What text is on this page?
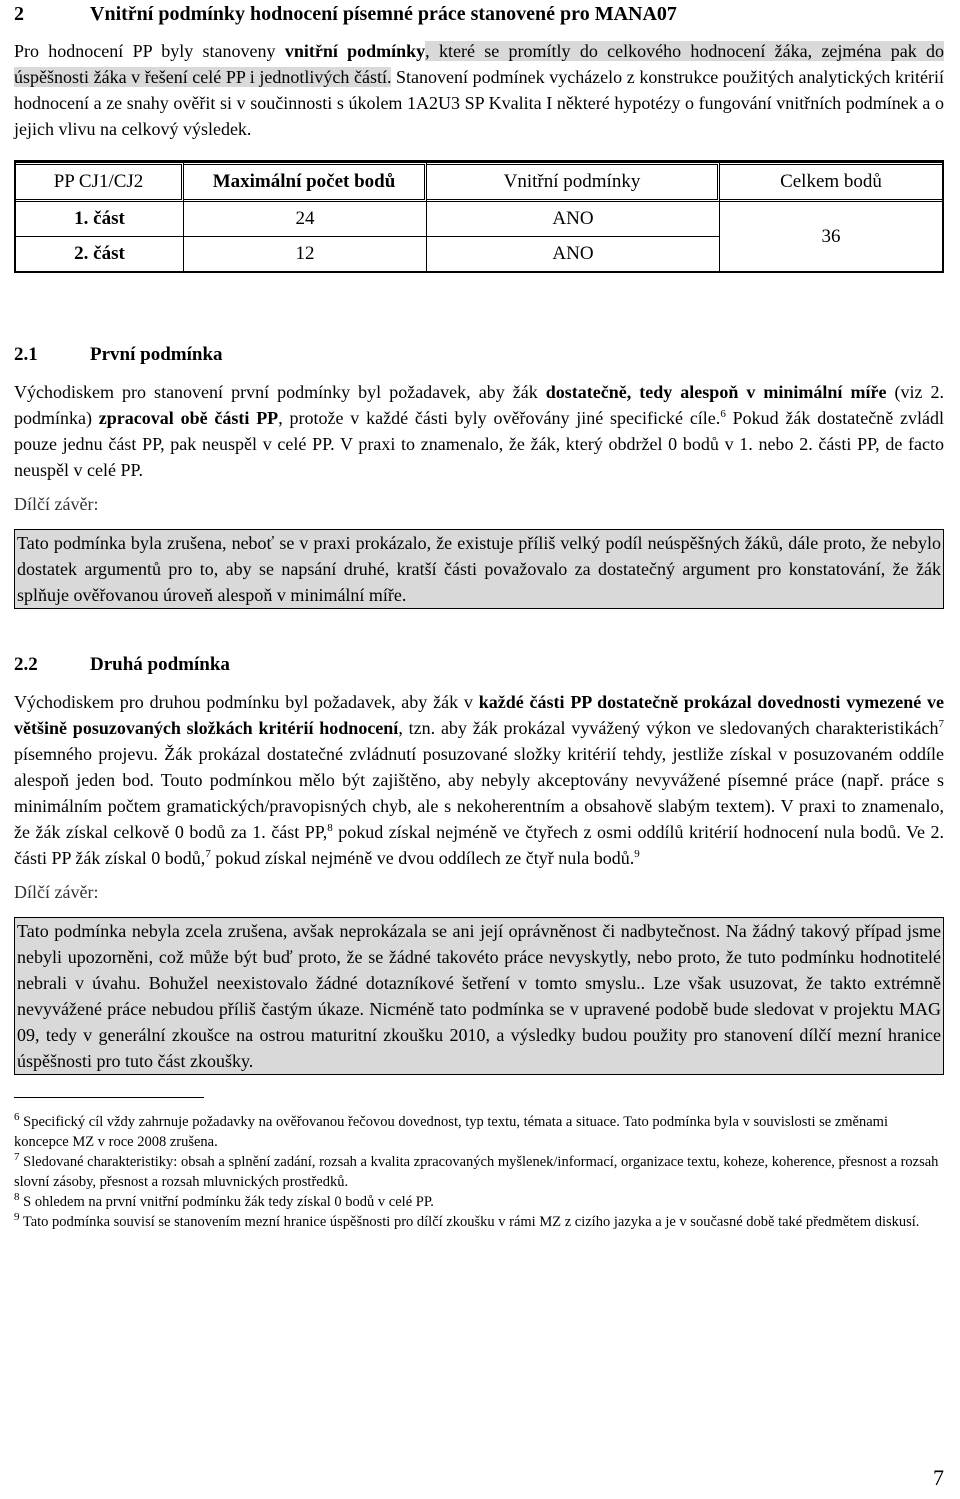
2	Vnitřní podmínky hodnocení písemné práce stanovené pro MANA07

Pro hodnocení PP byly stanoveny vnitřní podmínky, které se promítly do celkového hodnocení žáka, zejména pak do úspěšnosti žáka v řešení celé PP i jednotlivých částí. Stanovení podmínek vycházelo z konstrukce použitých analytických kritérií hodnocení a ze snahy ověřit si v součinnosti s úkolem 1A2U3 SP Kvalita I některé hypotézy o fungování vnitřních podmínek a o jejich vlivu na celkový výsledek.

PP CJ1/CJ2	Maximální počet bodů	Vnitřní podmínky	Celkem bodů
1. část	24	ANO	36
2. část	12	ANO	
2.1	První podmínka

Východiskem pro stanovení první podmínky byl požadavek, aby žák dostatečně, tedy alespoň v minimální míře (viz 2. podmínka) zpracoval obě části PP, protože v každé části byly ověřovány jiné specifické cíle.$^6$ Pokud žák dostatečně zvládl pouze jednu část PP, pak neuspěl v celé PP. V praxi to znamenalo, že žák, který obdržel 0 bodů v 1. nebo 2. části PP, de facto neuspěl v celé PP.

Dílčí závěr:

Tato podmínka byla zrušena, neboť se v praxi prokázalo, že existuje příliš velký podíl neúspěšných žáků, dále proto, že nebylo dostatek argumentů pro to, aby se napsání druhé, kratší části považovalo za dostatečný argument pro konstatování, že žák splňuje ověřovanou úroveň alespoň v minimální míře.

2.2	Druhá podmínka

Východiskem pro druhou podmínku byl požadavek, aby žák v každé části PP dostatečně prokázal dovednosti vymezené ve většině posuzovaných složkách kritérií hodnocení, tzn. aby žák prokázal vyvážený výkon ve sledovaných charakteristikách$^7$ písemného projevu. Žák prokázal dostatečné zvládnutí posuzované složky kritérií tehdy, jestliže získal v posuzovaném oddíle alespoň jeden bod. Touto podmínkou mělo být zajištěno, aby nebyly akceptovány nevyvážené písemné práce (např. práce s minimálním počtem gramatických/pravopisných chyb, ale s nekoherentním a obsahově slabým textem). V praxi to znamenalo, že žák získal celkově 0 bodů za 1. část PP,$^8$ pokud získal nejméně ve čtyřech z osmi oddílů kritérií hodnocení nula bodů. Ve 2. části PP žák získal 0 bodů,$^7$ pokud získal nejméně ve dvou oddílech ze čtyř nula bodů.$^9$

Dílčí závěr:

Tato podmínka nebyla zcela zrušena, avšak neprokázala se ani její oprávněnost či nadbytečnost. Na žádný takový případ jsme nebyli upozorněni, což může být buď proto, že se žádné takovéto práce nevyskytly, nebo proto, že tuto podmínku hodnotitelé nebrali v úvahu. Bohužel neexistovalo žádné dotazníkové šetření v tomto smyslu.. Lze však usuzovat, že takto extrémně nevyvážené práce nebudou příliš častým úkaze. Nicméně tato podmínka se v upravené podobě bude sledovat v projektu MAG 09, tedy v generální zkoušce na ostrou maturitní zkoušku 2010, a výsledky budou použity pro stanovení dílčí mezní hranice úspěšnosti pro tuto část zkoušky.

$^6$ Specifický cíl vždy zahrnuje požadavky na ověřovanou řečovou dovednost, typ textu, témata a situace. Tato podmínka byla v souvislosti se změnami koncepce MZ v roce 2008 zrušena.

$^7$ Sledované charakteristiky: obsah a splnění zadání, rozsah a kvalita zpracovaných myšlenek/informací, organizace textu, koheze, koherence, přesnost a rozsah slovní zásoby, přesnost a rozsah mluvnických prostředků.

$^8$ S ohledem na první vnitřní podmínku žák tedy získal 0 bodů v celé PP.

$^9$ Tato podmínka souvisí se stanovením mezní hranice úspěšnosti pro dílčí zkoušku v rámi MZ z cizího jazyka a je v současné době také předmětem diskusí.

7
